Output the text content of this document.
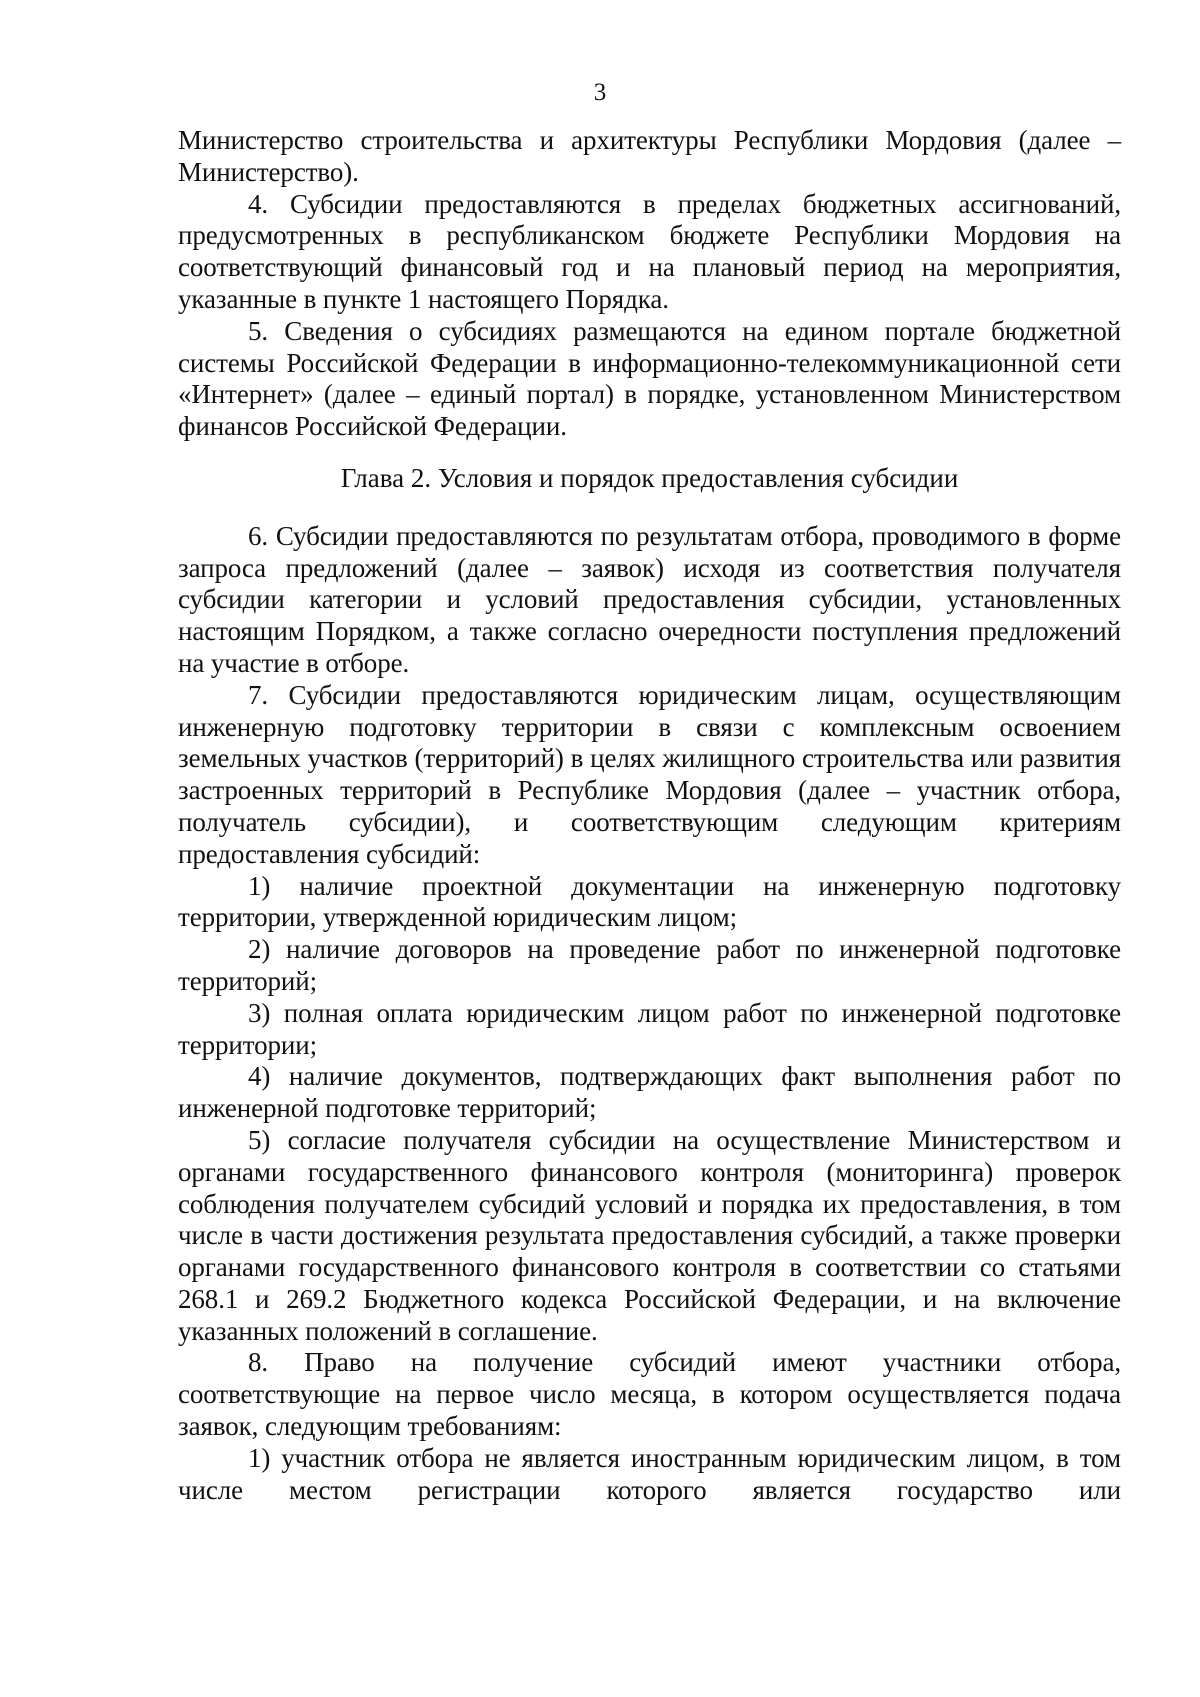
3

Министерство строительства и архитектуры Республики Мордовия (далее – Министерство).

4. Субсидии предоставляются в пределах бюджетных ассигнований, предусмотренных в республиканском бюджете Республики Мордовия на соответствующий финансовый год и на плановый период на мероприятия, указанные в пункте 1 настоящего Порядка.

5. Сведения о субсидиях размещаются на едином портале бюджетной системы Российской Федерации в информационно-телекоммуникационной сети «Интернет» (далее – единый портал) в порядке, установленном Министерством финансов Российской Федерации.

Глава 2. Условия и порядок предоставления субсидии

6. Субсидии предоставляются по результатам отбора, проводимого в форме запроса предложений (далее – заявок) исходя из соответствия получателя субсидии категории и условий предоставления субсидии, установленных настоящим Порядком, а также согласно очередности поступления предложений на участие в отборе.

7. Субсидии предоставляются юридическим лицам, осуществляющим инженерную подготовку территории в связи с комплексным освоением земельных участков (территорий) в целях жилищного строительства или развития застроенных территорий в Республике Мордовия (далее – участник отбора, получатель субсидии), и соответствующим следующим критериям предоставления субсидий:

1) наличие проектной документации на инженерную подготовку территории, утвержденной юридическим лицом;

2) наличие договоров на проведение работ по инженерной подготовке территорий;

3) полная оплата юридическим лицом работ по инженерной подготовке территории;

4) наличие документов, подтверждающих факт выполнения работ по инженерной подготовке территорий;

5) согласие получателя субсидии на осуществление Министерством и органами государственного финансового контроля (мониторинга) проверок соблюдения получателем субсидий условий и порядка их предоставления, в том числе в части достижения результата предоставления субсидий, а также проверки органами государственного финансового контроля в соответствии со статьями 268.1 и 269.2 Бюджетного кодекса Российской Федерации, и на включение указанных положений в соглашение.

8. Право на получение субсидий имеют участники отбора, соответствующие на первое число месяца, в котором осуществляется подача заявок, следующим требованиям:

1) участник отбора не является иностранным юридическим лицом, в том числе местом регистрации которого является государство или
